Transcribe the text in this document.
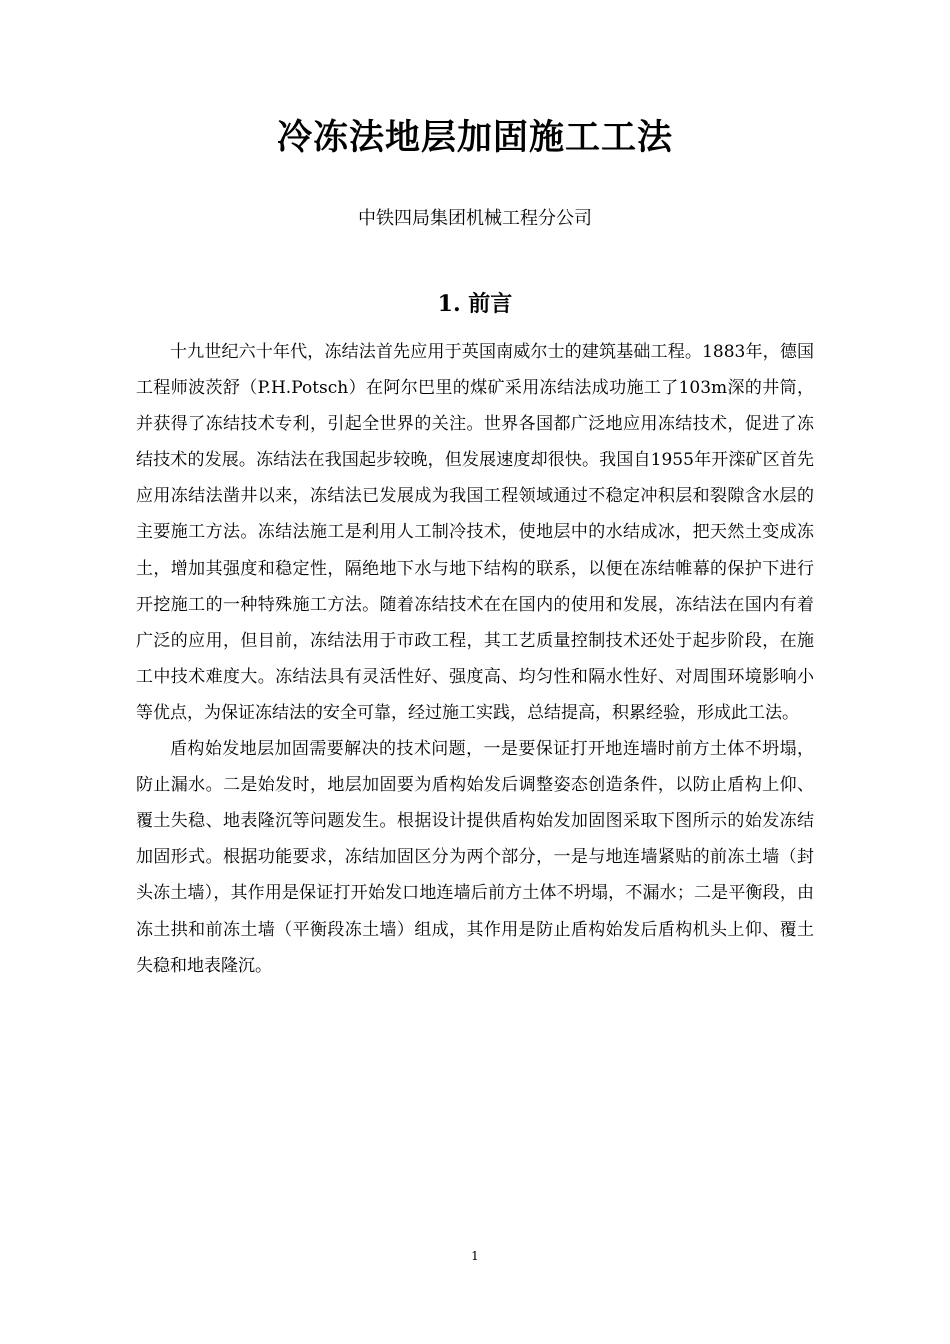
冷冻法地层加固施工工法

中铁四局集团机械工程分公司

1. 前言

十九世纪六十年代，冻结法首先应用于英国南威尔士的建筑基础工程。1883年，德国工程师波茨舒（P.H.Potsch）在阿尔巴里的煤矿采用冻结法成功施工了103m深的井筒，并获得了冻结技术专利，引起全世界的关注。世界各国都广泛地应用冻结技术，促进了冻结技术的发展。冻结法在我国起步较晚，但发展速度却很快。我国自1955年开滦矿区首先应用冻结法凿井以来，冻结法已发展成为我国工程领域通过不稳定冲积层和裂隙含水层的主要施工方法。冻结法施工是利用人工制冷技术，使地层中的水结成冰，把天然土变成冻土，增加其强度和稳定性，隔绝地下水与地下结构的联系，以便在冻结帷幕的保护下进行开挖施工的一种特殊施工方法。随着冻结技术在在国内的使用和发展，冻结法在国内有着广泛的应用，但目前，冻结法用于市政工程，其工艺质量控制技术还处于起步阶段，在施工中技术难度大。冻结法具有灵活性好、强度高、均匀性和隔水性好、对周围环境影响小等优点，为保证冻结法的安全可靠，经过施工实践，总结提高，积累经验，形成此工法。

盾构始发地层加固需要解决的技术问题，一是要保证打开地连墙时前方土体不坍塌，防止漏水。二是始发时，地层加固要为盾构始发后调整姿态创造条件，以防止盾构上仰、覆土失稳、地表隆沉等问题发生。根据设计提供盾构始发加固图采取下图所示的始发冻结加固形式。根据功能要求，冻结加固区分为两个部分，一是与地连墙紧贴的前冻土墙（封头冻土墙），其作用是保证打开始发口地连墙后前方土体不坍塌，不漏水；二是平衡段，由冻土拱和前冻土墙（平衡段冻土墙）组成，其作用是防止盾构始发后盾构机头上仰、覆土失稳和地表隆沉。

1
